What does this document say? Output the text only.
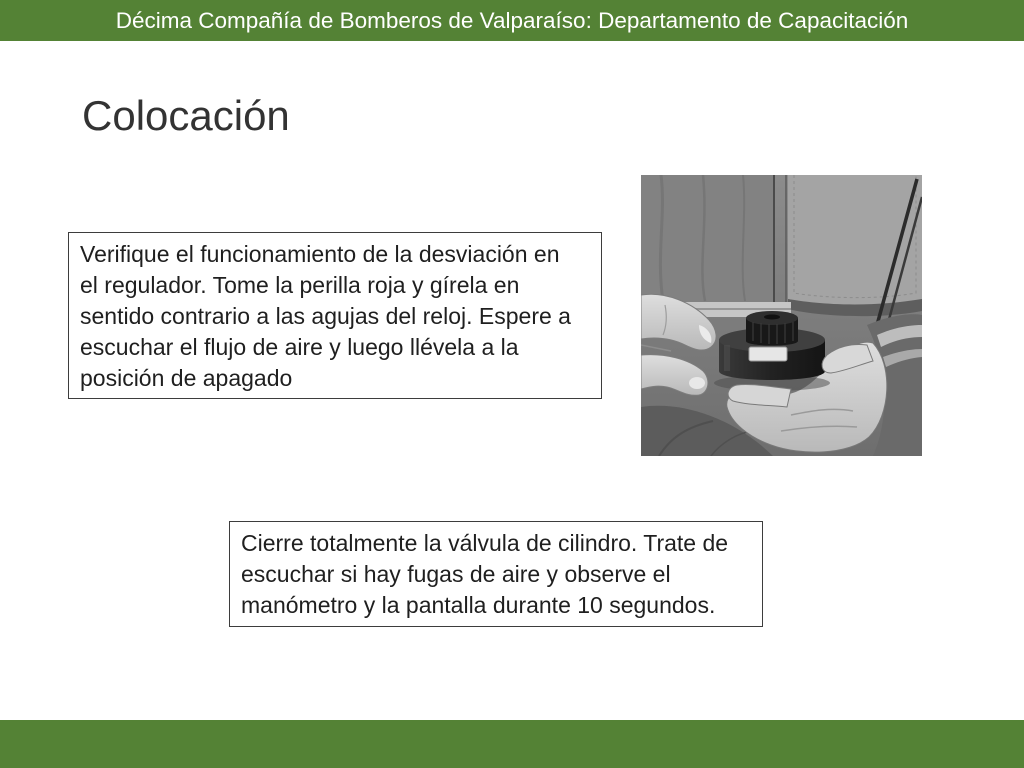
Décima Compañía de Bomberos de Valparaíso: Departamento de Capacitación
Colocación
Verifique el funcionamiento de la desviación en
el regulador. Tome la perilla roja y gírela en
sentido contrario a las agujas del reloj. Espere a
escuchar el flujo de aire y luego llévela a la
posición de apagado
Cierre totalmente la válvula de cilindro. Trate de
escuchar si hay fugas de aire y observe el
manómetro y la pantalla durante 10 segundos.
